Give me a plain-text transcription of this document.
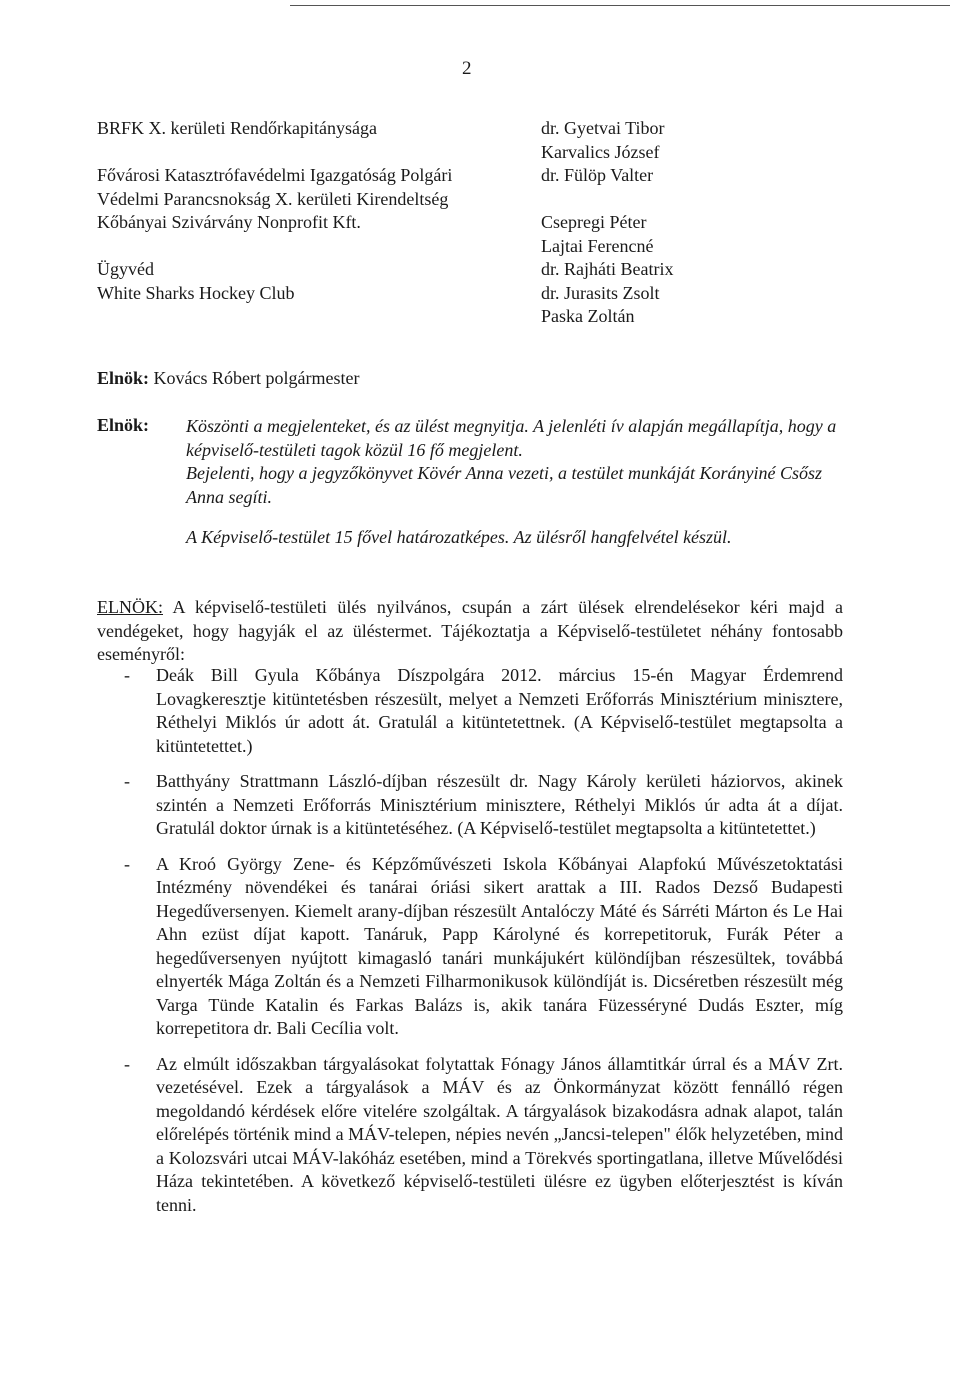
2
BRFK X. kerületi Rendőrkapitánysága
Fővárosi Katasztrófavédelmi Igazgatóság Polgári
Védelmi Parancsnokság X. kerületi Kirendeltség
Kőbányai Szivárvány Nonprofit Kft.
Ügyvéd
White Sharks Hockey Club
dr. Gyetvai Tibor
Karvalics József
dr. Fülöp Valter
Csepregi Péter
Lajtai Ferencné
dr. Rajháti Beatrix
dr. Jurasits Zsolt
Paska Zoltán
Elnök: Kovács Róbert polgármester
Elnök: Köszönti a megjelenteket, és az ülést megnyitja. A jelenléti ív alapján megállapítja, hogy a képviselő-testületi tagok közül 16 fő megjelent.

Bejelenti, hogy a jegyzőkönyvet Kövér Anna vezeti, a testület munkáját Korányiné Csősz Anna segíti.

A Képviselő-testület 15 fővel határozatképes. Az ülésről hangfelvétel készül.

ELNÖK: A képviselő-testületi ülés nyilvános, csupán a zárt ülések elrendelésekor kéri majd a vendégeket, hogy hagyják el az üléstermet. Tájékoztatja a Képviselő-testületet néhány fontosabb eseményről:

- Deák Bill Gyula Kőbánya Díszpolgára 2012. március 15-én Magyar Érdemrend Lovagkeresztje kitüntetésben részesült, melyet a Nemzeti Erőforrás Minisztérium minisztere, Réthelyi Miklós úr adott át. Gratulál a kitüntetettnek. (A Képviselő-testület megtapsolta a kitüntetettet.)
- Batthyány Strattmann László-díjban részesült dr. Nagy Károly kerületi háziorvos, akinek szintén a Nemzeti Erőforrás Minisztérium minisztere, Réthelyi Miklós úr adta át a díjat. Gratulál doktor úrnak is a kitüntetéséhez. (A Képviselő-testület megtapsolta a kitüntetettet.)
- A Kroó György Zene- és Képzőművészeti Iskola Kőbányai Alapfokú Művészetoktatási Intézmény növendékei és tanárai óriási sikert arattak a III. Rados Dezső Budapesti Hegedűversenyen. Kiemelt arany-díjban részesült Antalóczy Máté és Sárréti Márton és Le Hai Ahn ezüst díjat kapott. Tanáruk, Papp Károlyné és korrepetitoruk, Furák Péter a hegedűversenyen nyújtott kimagasló tanári munkájukért különdíjban részesültek, továbbá elnyerték Mága Zoltán és a Nemzeti Filharmonikusok különdíját is. Dicséretben részesült még Varga Tünde Katalin és Farkas Balázs is, akik tanára Füzesséryné Dudás Eszter, míg korrepetitora dr. Bali Cecília volt.
- Az elmúlt időszakban tárgyalásokat folytattak Fónagy János államtitkár úrral és a MÁV Zrt. vezetésével. Ezek a tárgyalások a MÁV és az Önkormányzat között fennálló régen megoldandó kérdések előre vitelére szolgáltak. A tárgyalások bizakodásra adnak alapot, talán előrelépés történik mind a MÁV-telepen, népies nevén „Jancsi-telepen" élők helyzetében, mind a Kolozsvári utcai MÁV-lakóház esetében, mind a Törekvés sportingatlana, illetve Művelődési Háza tekintetében. A következő képviselő-testületi ülésre ez ügyben előterjesztést is kíván tenni.
